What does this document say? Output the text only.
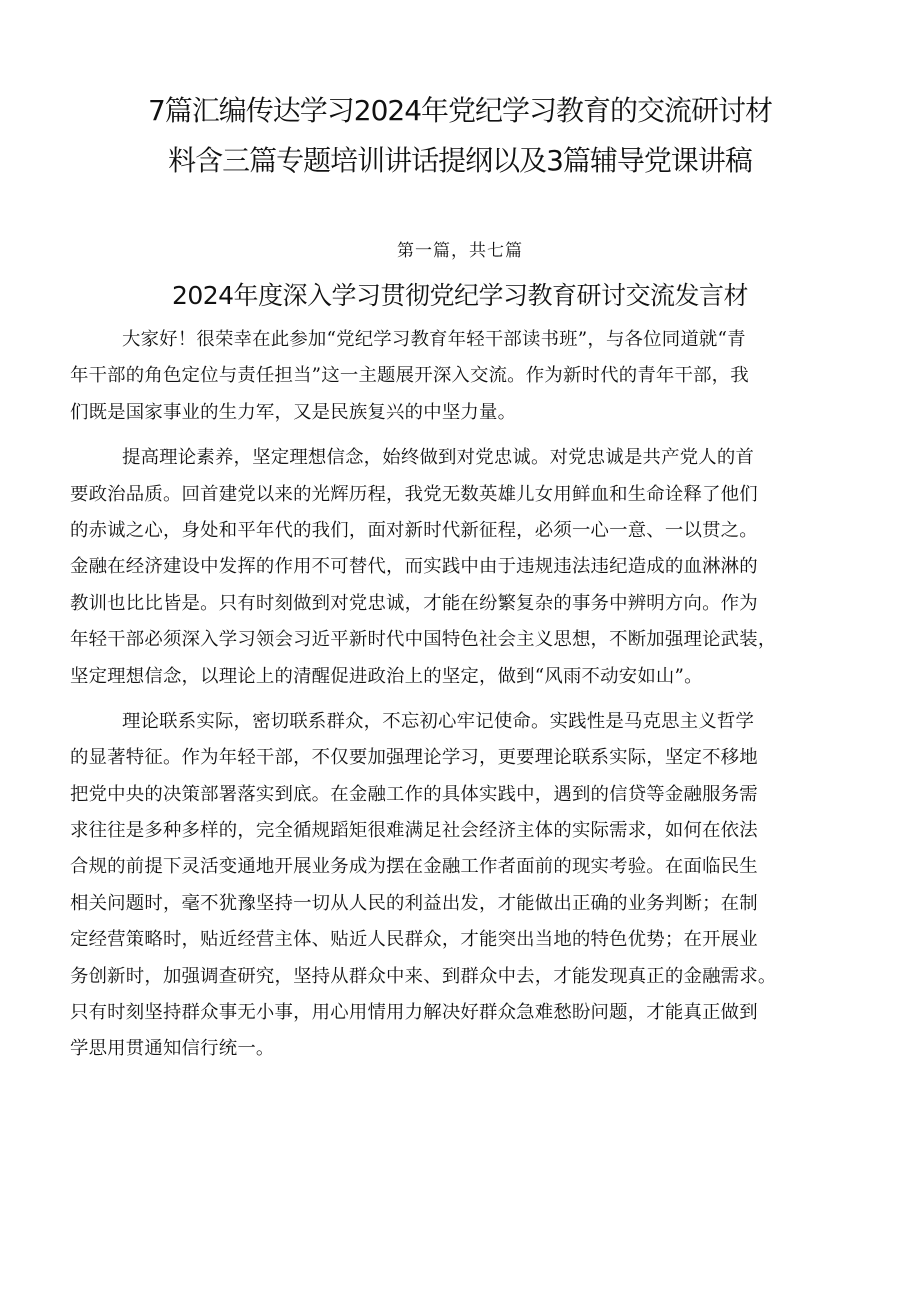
7篇汇编传达学习2024年党纪学习教育的交流研讨材
料含三篇专题培训讲话提纲以及3篇辅导党课讲稿
第一篇，共七篇
2024年度深入学习贯彻党纪学习教育研讨交流发言材

大家好！很荣幸在此参加“党纪学习教育年轻干部读书班”，与各位同道就“青
年干部的角色定位与责任担当”这一主题展开深入交流。作为新时代的青年干部，我
们既是国家事业的生力军，又是民族复兴的中坚力量。

提高理论素养，坚定理想信念，始终做到对党忠诚。对党忠诚是共产党人的首
要政治品质。回首建党以来的光辉历程，我党无数英雄儿女用鲜血和生命诠释了他们
的赤诚之心，身处和平年代的我们，面对新时代新征程，必须一心一意、一以贯之。
金融在经济建设中发挥的作用不可替代，而实践中由于违规违法违纪造成的血淋淋的
教训也比比皆是。只有时刻做到对党忠诚，才能在纷繁复杂的事务中辨明方向。作为
年轻干部必须深入学习领会习近平新时代中国特色社会主义思想，不断加强理论武装，
坚定理想信念，以理论上的清醒促进政治上的坚定，做到“风雨不动安如山”。

理论联系实际，密切联系群众，不忘初心牢记使命。实践性是马克思主义哲学
的显著特征。作为年轻干部，不仅要加强理论学习，更要理论联系实际，坚定不移地
把党中央的决策部署落实到底。在金融工作的具体实践中，遇到的信贷等金融服务需
求往往是多种多样的，完全循规蹈矩很难满足社会经济主体的实际需求，如何在依法
合规的前提下灵活变通地开展业务成为摆在金融工作者面前的现实考验。在面临民生
相关问题时，毫不犹豫坚持一切从人民的利益出发，才能做出正确的业务判断；在制
定经营策略时，贴近经营主体、贴近人民群众，才能突出当地的特色优势；在开展业
务创新时，加强调查研究，坚持从群众中来、到群众中去，才能发现真正的金融需求。
只有时刻坚持群众事无小事，用心用情用力解决好群众急难愁盼问题，才能真正做到
学思用贯通知信行统一。
